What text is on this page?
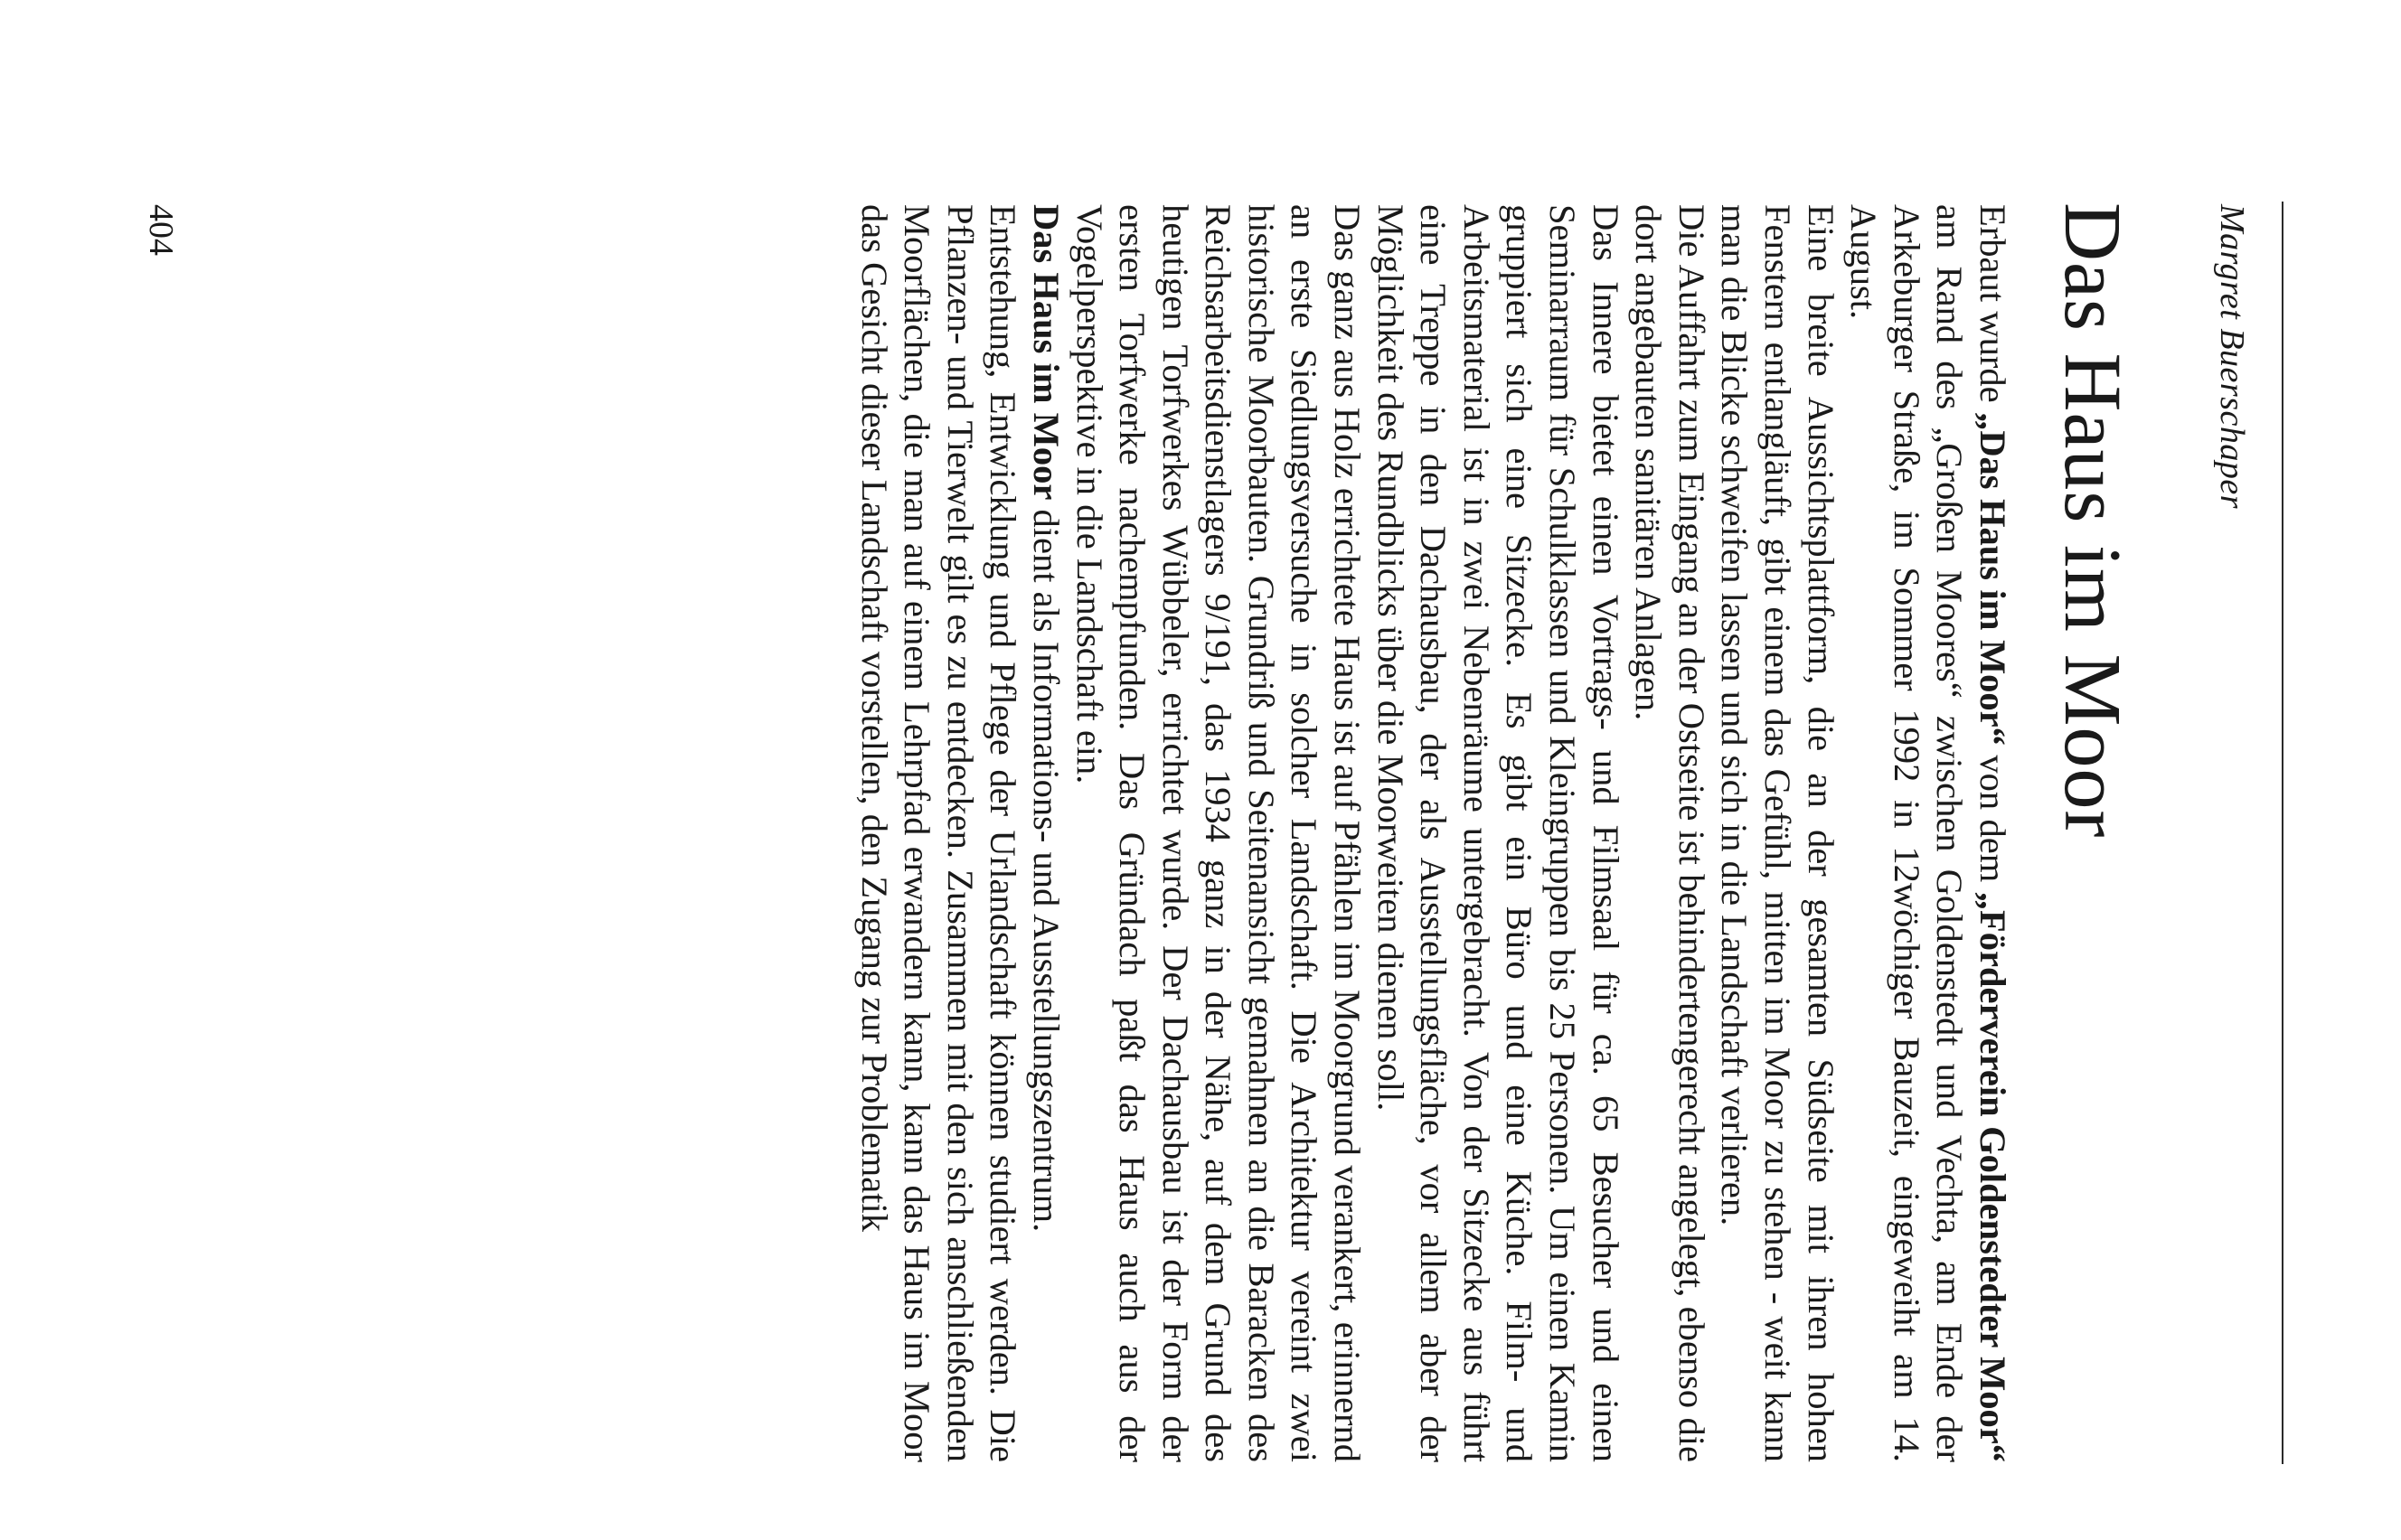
Margret Buerschaper
Das Haus im Moor

Erbaut wurde „Das Haus im Moor“ von dem „Förderverein Goldenstedter Moor“ am Rand des „Großen Moores“ zwischen Goldenstedt und Vechta, am Ende der Arkeburger Straße, im Sommer 1992 in 12wöchiger Bauzeit, eingeweiht am 14. August.

Eine breite Aussichtsplattform, die an der gesamten Südseite mit ihren hohen Fenstern entlangläuft, gibt einem das Gefühl, mitten im Moor zu stehen - weit kann man die Blicke schweifen lassen und sich in die Landschaft verlieren.

Die Auffahrt zum Eingang an der Ostseite ist behindertengerecht angelegt, ebenso die dort angebauten sanitären Anlagen.

Das Innere bietet einen Vortrags- und Filmsaal für ca. 65 Besucher und einen Seminarraum für Schulklassen und Kleingruppen bis 25 Personen. Um einen Kamin gruppiert sich eine Sitzecke. Es gibt ein Büro und eine Küche. Film- und Arbeitsmaterial ist in zwei Nebenräume untergebracht. Von der Sitzecke aus führt eine Treppe in den Dachausbau, der als Ausstellungsfläche, vor allem aber der Möglichkeit des Rundblicks über die Moorweiten dienen soll.

Das ganz aus Holz errichtete Haus ist auf Pfählen im Moorgrund verankert, erinnernd an erste Siedlungsversuche in solcher Landschaft. Die Architektur vereint zwei historische Moorbauten. Grundriß und Seitenansicht gemahnen an die Baracken des Reichsarbeitsdienstlagers 9/191, das 1934 ganz in der Nähe, auf dem Grund des heutigen Torfwerkes Wübbeler, errichtet wurde. Der Dachausbau ist der Form der ersten Torfwerke nachempfunden. Das Gründach paßt das Haus auch aus der Vogelperspektive in die Landschaft ein.

Das Haus im Moor dient als Informations- und Ausstellungszentrum.

Entstehung, Entwicklung und Pflege der Urlandschaft können studiert werden. Die Pflanzen- und Tierwelt gilt es zu entdecken. Zusammen mit den sich anschließenden Moorflächen, die man auf einem Lehrpfad erwandern kann, kann das Haus im Moor das Gesicht dieser Landschaft vorstellen, den Zugang zur Problematik

404
